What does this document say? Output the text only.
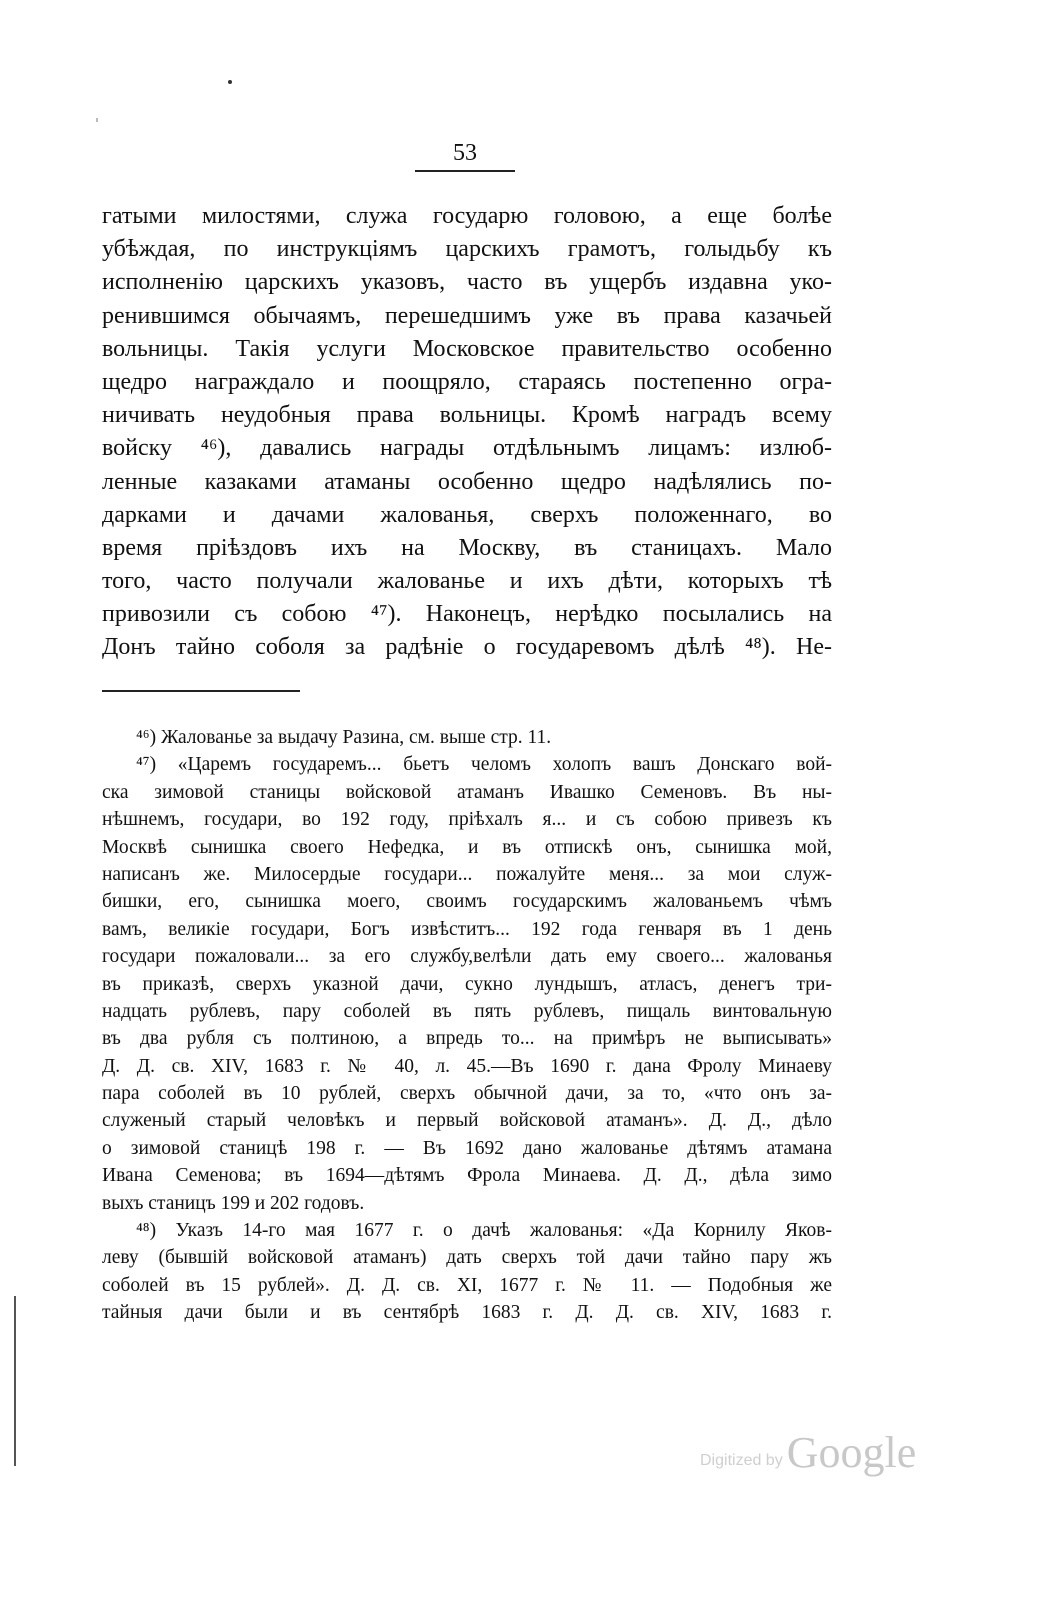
53
гатыми милостями, служа государю головою, а еще болѣе
убѣждая, по инструкціямъ царскихъ грамотъ, голыдьбу къ
исполненію царскихъ указовъ, часто въ ущербъ издавна уко-
ренившимся обычаямъ, перешедшимъ уже въ права казачьей
вольницы. Такія услуги Московское правительство особенно
щедро награждало и поощряло, стараясь постепенно огра-
ничивать неудобныя права вольницы. Кромѣ наградъ всему
войску ⁴⁶), давались награды отдѣльнымъ лицамъ: излюб-
ленные казаками атаманы особенно щедро надѣлялись по-
дарками и дачами жалованья, сверхъ положеннаго, во
время пріѣздовъ ихъ на Москву, въ станицахъ. Мало
того, часто получали жалованье и ихъ дѣти, которыхъ тѣ
привозили съ собою ⁴⁷). Наконецъ, нерѣдко посылались на
Донъ тайно соболя за радѣніе о государевомъ дѣлѣ ⁴⁸). Не-
⁴⁶) Жалованье за выдачу Разина, см. выше стр. 11.
⁴⁷) «Царемъ государемъ... бьетъ челомъ холопъ вашъ Донскаго вой-
ска зимовой станицы войсковой атаманъ Ивашко Семеновъ. Въ ны-
нѣшнемъ, государи, во 192 году, пріѣхалъ я... и съ собою привезъ къ
Москвѣ сынишка своего Нефедка, и въ отпискѣ онъ, сынишка мой,
написанъ же. Милосердые государи... пожалуйте меня... за мои служ-
бишки, его, сынишка моего, своимъ государскимъ жалованьемъ чѣмъ
вамъ, великіе государи, Богъ извѣститъ... 192 года генваря въ 1 день
государи пожаловали... за его службу,велѣли дать ему своего... жалованья
въ приказѣ, сверхъ указной дачи, сукно лундышъ, атласъ, денегъ три-
надцать рублевъ, пару соболей въ пять рублевъ, пищаль винтовальную
въ два рубля съ полтиною, а впредь то... на примѣръ не выписывать»
Д. Д. св. XIV, 1683 г. № 40, л. 45.—Въ 1690 г. дана Фролу Минаеву
пара соболей въ 10 рублей, сверхъ обычной дачи, за то, «что онъ за-
служеный старый человѣкъ и первый войсковой атаманъ». Д. Д., дѣло
о зимовой станицѣ 198 г. — Въ 1692 дано жалованье дѣтямъ атамана
Ивана Семенова; въ 1694—дѣтямъ Фрола Минаева. Д. Д., дѣла зимо
выхъ станицъ 199 и 202 годовъ.
⁴⁸) Указъ 14-го мая 1677 г. о дачѣ жалованья: «Да Корнилу Яков-
леву (бывшій войсковой атаманъ) дать сверхъ той дачи тайно пару жъ
соболей въ 15 рублей». Д. Д. св. XI, 1677 г. № 11. — Подобныя же
тайныя дачи были и въ сентябрѣ 1683 г. Д. Д. св. XIV, 1683 г.
Digitized by Google
